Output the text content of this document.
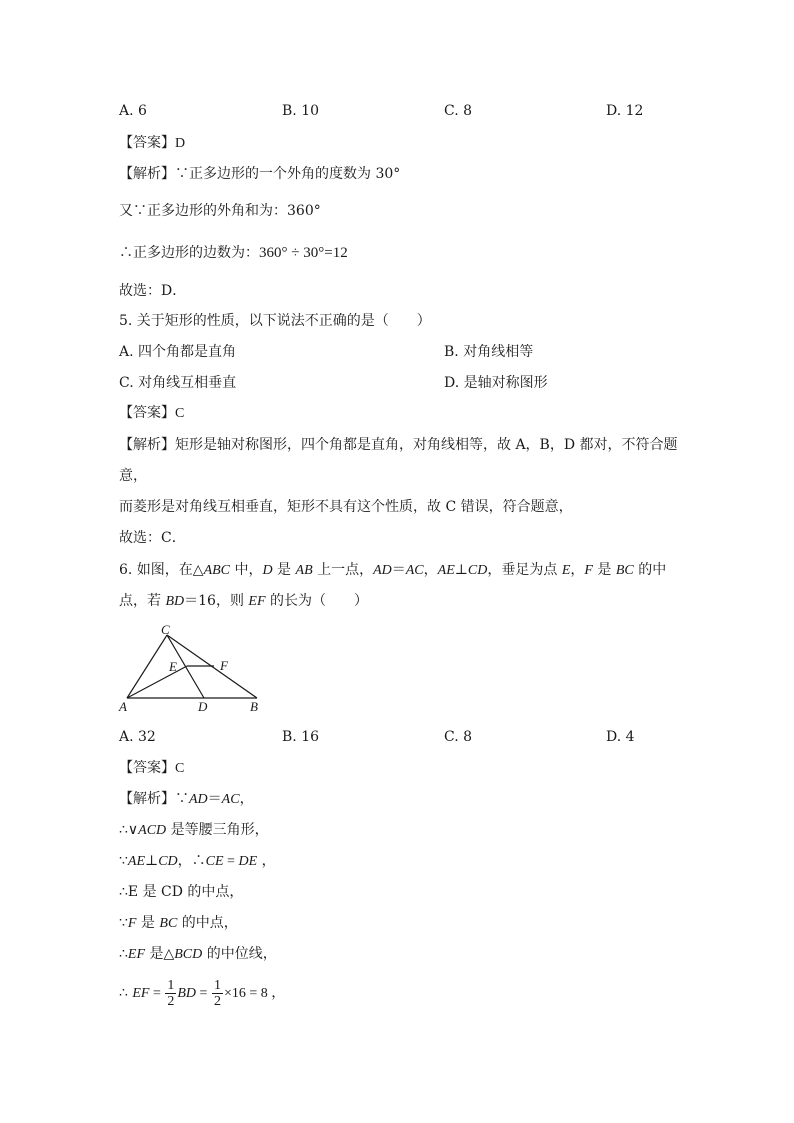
A. 6	B. 10	C. 8	D. 12
【答案】D
【解析】∵正多边形的一个外角的度数为 30°
又∵正多边形的外角和为：360°
∴正多边形的边数为：360° ÷ 30°=12
故选：D．
5. 关于矩形的性质，以下说法不正确的是（　　）
A. 四个角都是直角	B. 对角线相等
C. 对角线互相垂直	D. 是轴对称图形
【答案】C
【解析】矩形是轴对称图形，四个角都是直角，对角线相等，故 A，B，D 都对，不符合题
意，
而菱形是对角线互相垂直，矩形不具有这个性质，故 C 错误，符合题意，
故选：C．
6. 如图，在△ABC 中，D 是 AB 上一点，AD＝AC，AE⊥CD，垂足为点 E，F 是 BC 的中
点，若 BD＝16，则 EF 的长为（　　）
C
E	F
A	D	B
A. 32	B. 16	C. 8	D. 4
【答案】C
【解析】∵AD＝AC，
∴∨ACD 是等腰三角形，
∵AE⊥CD，∴CE = DE ，
∴E 是 CD 的中点，
∵F 是 BC 的中点，
∴EF 是△BCD 的中位线，
∴ EF = $\frac{1}{2}$ BD = $\frac{1}{2} \times 16 = 8$ ，
